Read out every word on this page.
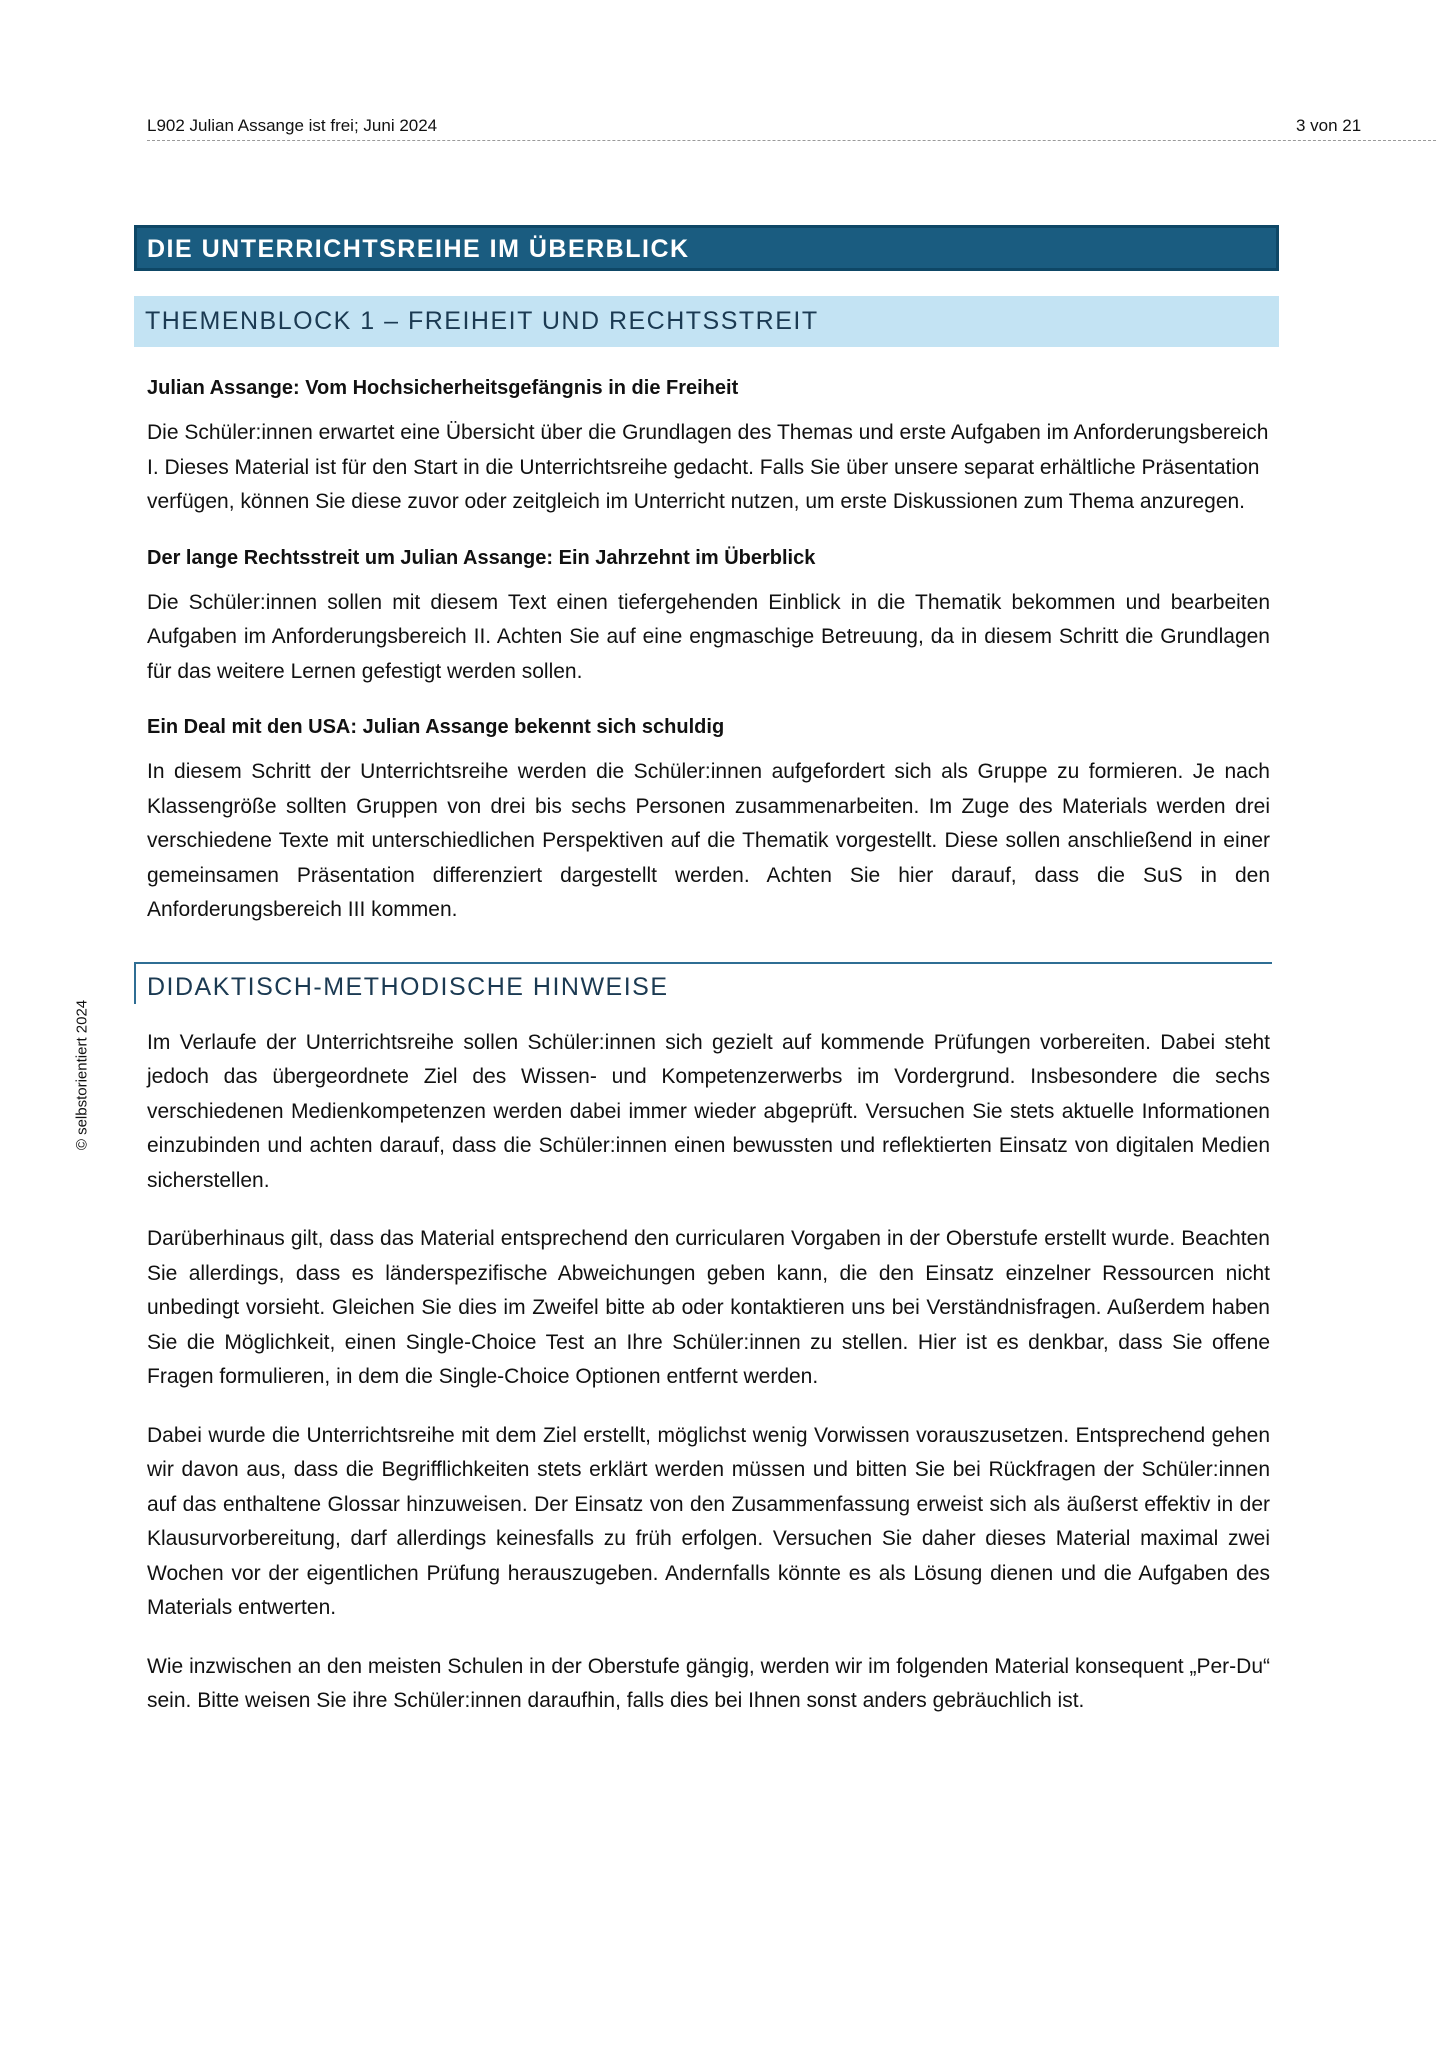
L902 Julian Assange ist frei; Juni 2024	3 von 21
© selbstorientiert 2024
DIE UNTERRICHTSREIHE IM ÜBERBLICK
THEMENBLOCK 1 – FREIHEIT UND RECHTSSTREIT

Julian Assange: Vom Hochsicherheitsgefängnis in die Freiheit

Die Schüler:innen erwartet eine Übersicht über die Grundlagen des Themas und erste Aufgaben im Anforderungsbereich I. Dieses Material ist für den Start in die Unterrichtsreihe gedacht. Falls Sie über unsere separat erhältliche Präsentation verfügen, können Sie diese zuvor oder zeitgleich im Unterricht nutzen, um erste Diskussionen zum Thema anzuregen.

Der lange Rechtsstreit um Julian Assange: Ein Jahrzehnt im Überblick

Die Schüler:innen sollen mit diesem Text einen tiefergehenden Einblick in die Thematik bekommen und bearbeiten Aufgaben im Anforderungsbereich II. Achten Sie auf eine engmaschige Betreuung, da in diesem Schritt die Grundlagen für das weitere Lernen gefestigt werden sollen.

Ein Deal mit den USA: Julian Assange bekennt sich schuldig

In diesem Schritt der Unterrichtsreihe werden die Schüler:innen aufgefordert sich als Gruppe zu formieren. Je nach Klassengröße sollten Gruppen von drei bis sechs Personen zusammenarbeiten. Im Zuge des Materials werden drei verschiedene Texte mit unterschiedlichen Perspektiven auf die Thematik vorgestellt. Diese sollen anschließend in einer gemeinsamen Präsentation differenziert dargestellt werden. Achten Sie hier darauf, dass die SuS in den Anforderungsbereich III kommen.

DIDAKTISCH-METHODISCHE HINWEISE

Im Verlaufe der Unterrichtsreihe sollen Schüler:innen sich gezielt auf kommende Prüfungen vorbereiten. Dabei steht jedoch das übergeordnete Ziel des Wissen- und Kompetenzerwerbs im Vordergrund. Insbesondere die sechs verschiedenen Medienkompetenzen werden dabei immer wieder abgeprüft. Versuchen Sie stets aktuelle Informationen einzubinden und achten darauf, dass die Schüler:innen einen bewussten und reflektierten Einsatz von digitalen Medien sicherstellen.

Darüberhinaus gilt, dass das Material entsprechend den curricularen Vorgaben in der Oberstufe erstellt wurde. Beachten Sie allerdings, dass es länderspezifische Abweichungen geben kann, die den Einsatz einzelner Ressourcen nicht unbedingt vorsieht. Gleichen Sie dies im Zweifel bitte ab oder kontaktieren uns bei Verständnisfragen. Außerdem haben Sie die Möglichkeit, einen Single-Choice Test an Ihre Schüler:innen zu stellen. Hier ist es denkbar, dass Sie offene Fragen formulieren, in dem die Single-Choice Optionen entfernt werden.

Dabei wurde die Unterrichtsreihe mit dem Ziel erstellt, möglichst wenig Vorwissen vorauszusetzen. Entsprechend gehen wir davon aus, dass die Begrifflichkeiten stets erklärt werden müssen und bitten Sie bei Rückfragen der Schüler:innen auf das enthaltene Glossar hinzuweisen. Der Einsatz von den Zusammenfassung erweist sich als äußerst effektiv in der Klausurvorbereitung, darf allerdings keinesfalls zu früh erfolgen. Versuchen Sie daher dieses Material maximal zwei Wochen vor der eigentlichen Prüfung herauszugeben. Andernfalls könnte es als Lösung dienen und die Aufgaben des Materials entwerten.

Wie inzwischen an den meisten Schulen in der Oberstufe gängig, werden wir im folgenden Material konsequent „Per-Du“ sein. Bitte weisen Sie ihre Schüler:innen daraufhin, falls dies bei Ihnen sonst anders gebräuchlich ist.
